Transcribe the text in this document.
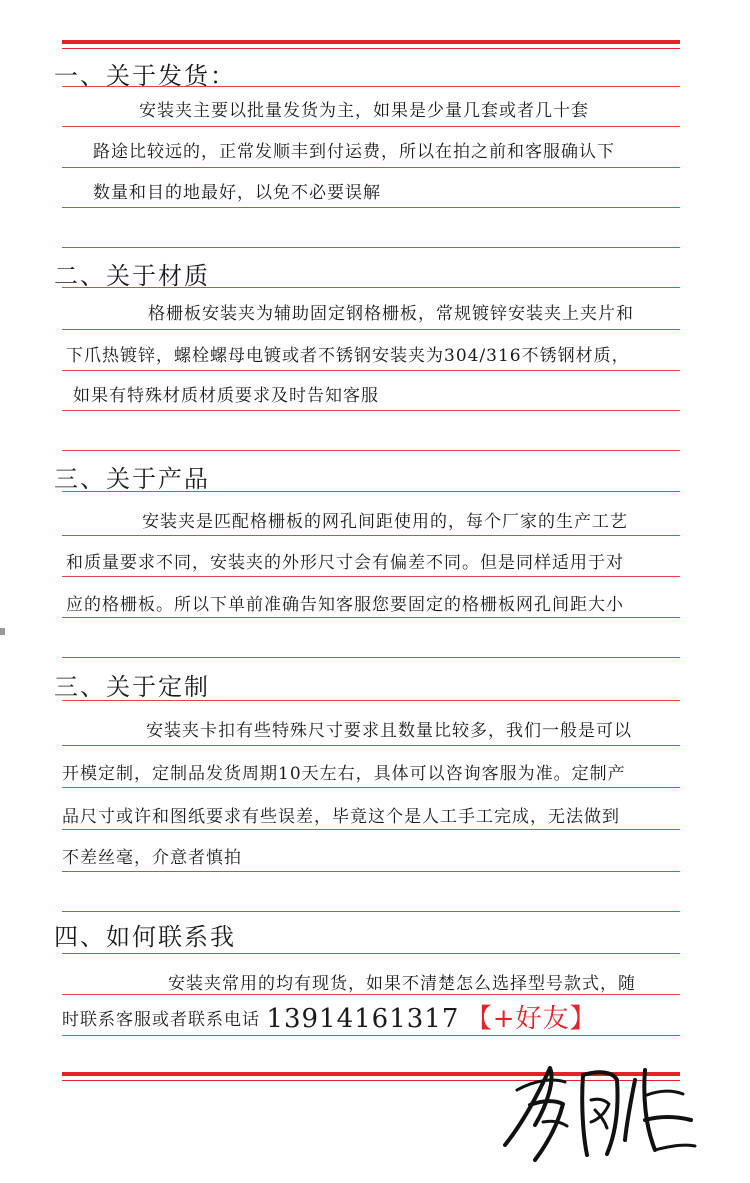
一、关于发货：
安装夹主要以批量发货为主，如果是少量几套或者几十套
路途比较远的，正常发顺丰到付运费，所以在拍之前和客服确认下
数量和目的地最好，以免不必要误解
二、关于材质
格栅板安装夹为辅助固定钢格栅板，常规镀锌安装夹上夹片和
下爪热镀锌，螺栓螺母电镀或者不锈钢安装夹为304/316不锈钢材质，
如果有特殊材质材质要求及时告知客服
三、关于产品
安装夹是匹配格栅板的网孔间距使用的，每个厂家的生产工艺
和质量要求不同，安装夹的外形尺寸会有偏差不同。但是同样适用于对
应的格栅板。所以下单前准确告知客服您要固定的格栅板网孔间距大小
三、关于定制
安装夹卡扣有些特殊尺寸要求且数量比较多，我们一般是可以
开模定制，定制品发货周期10天左右，具体可以咨询客服为准。定制产
品尺寸或许和图纸要求有些误差，毕竟这个是人工手工完成，无法做到
不差丝毫，介意者慎拍
四、如何联系我
安装夹常用的均有现货，如果不清楚怎么选择型号款式，随
时联系客服或者联系电话 13914161317 【+好友】
